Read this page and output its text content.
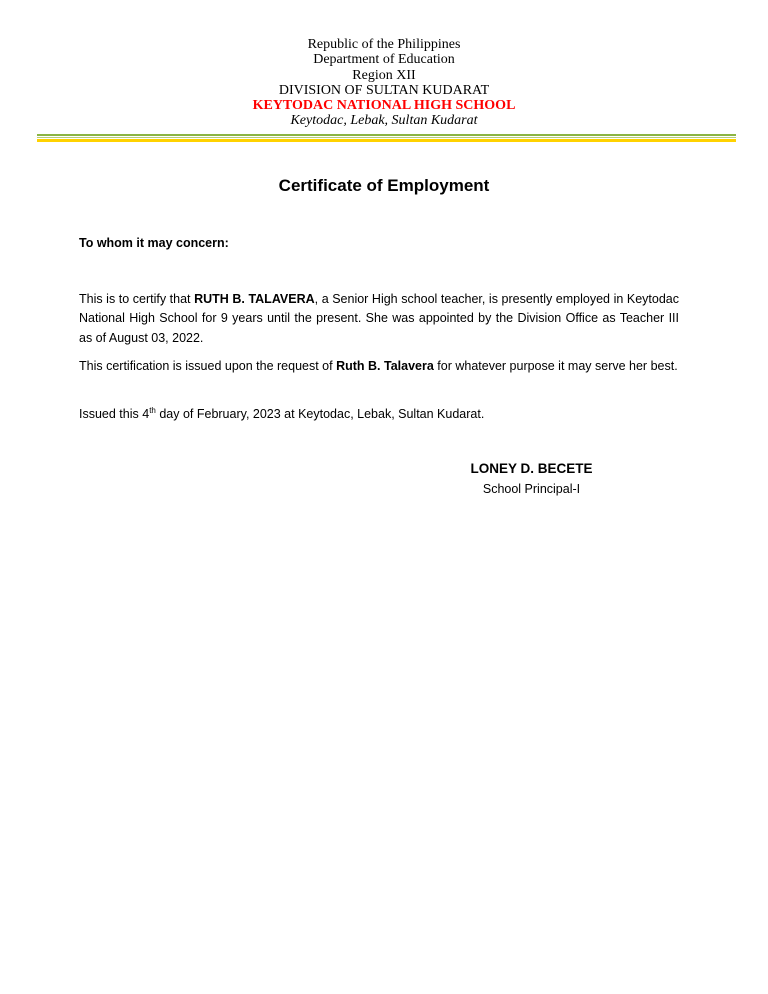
Republic of the Philippines
Department of Education
Region XII
DIVISION OF SULTAN KUDARAT
KEYTODAC NATIONAL HIGH SCHOOL
Keytodac, Lebak, Sultan Kudarat
Certificate of Employment
To whom it may concern:

This is to certify that RUTH B. TALAVERA, a Senior High school teacher, is presently employed in Keytodac National High School for 9 years until the present. She was appointed by the Division Office as Teacher III as of August 03, 2022.

This certification is issued upon the request of Ruth B. Talavera for whatever purpose it may serve her best.

Issued this 4th day of February, 2023 at Keytodac, Lebak, Sultan Kudarat.

LONEY D. BECETE
School Principal-I
